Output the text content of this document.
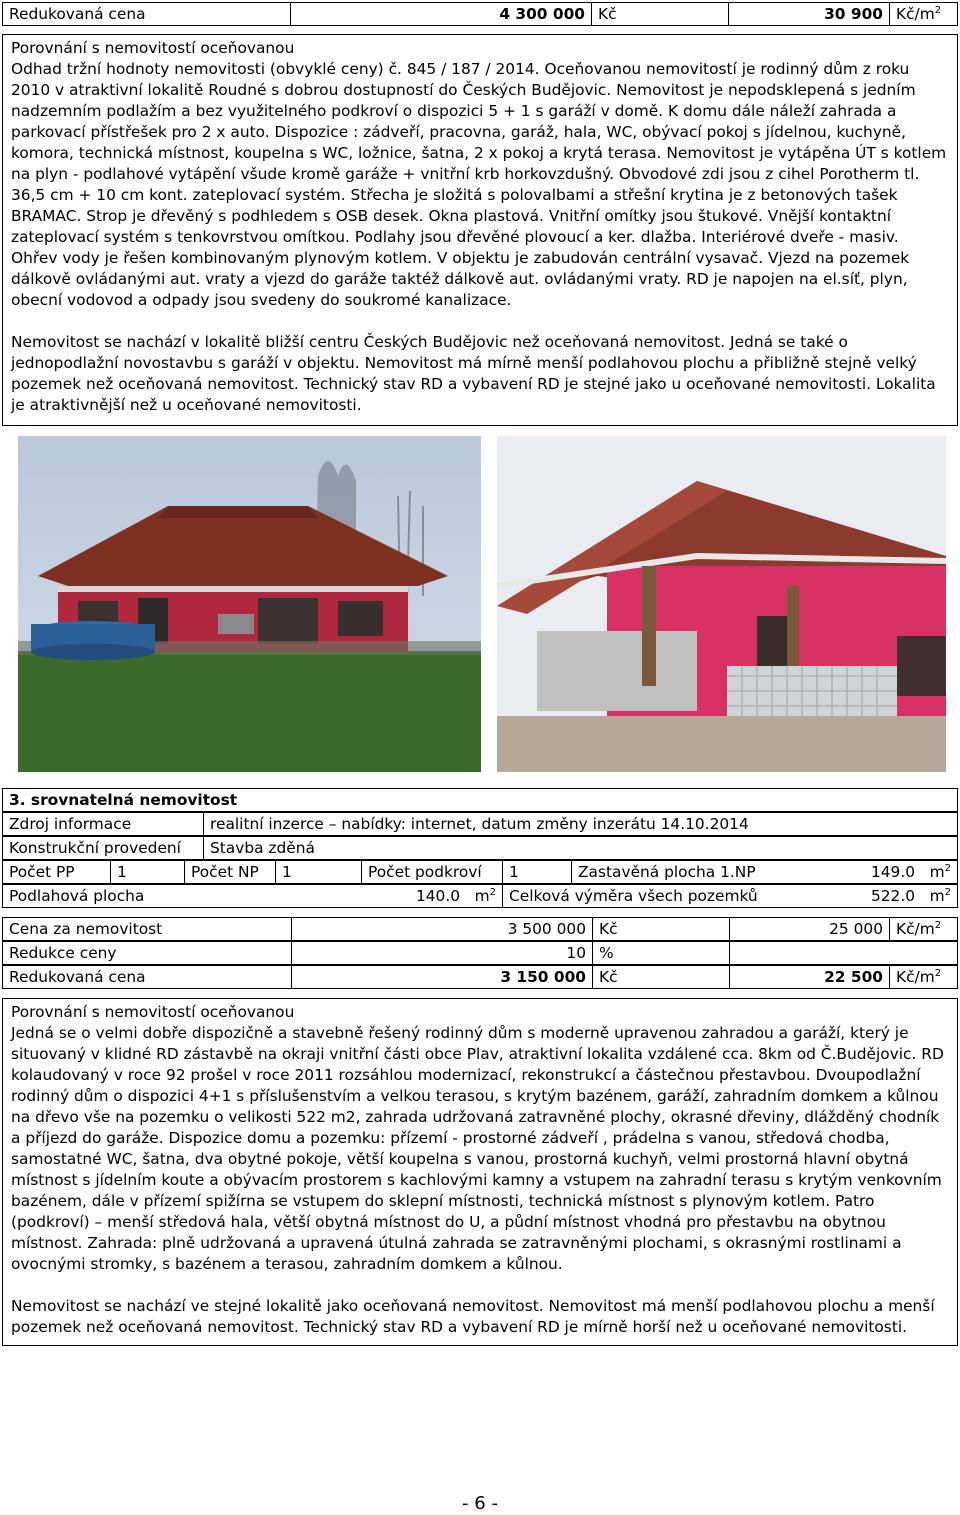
Redukovaná cena	4 300 000 Kč	30 900 $Kč/m^2$

Porovnání s nemovitostí oceňovanou

Odhad tržní hodnoty nemovitosti (obvyklé ceny) č. 845 / 187 / 2014. Oceňovanou nemovitostí je rodinný dům z roku 2010 v atraktivní lokalitě Roudné s dobrou dostupností do Českých Budějovic. Nemovitost je nepodsklepená s jedním nadzemním podlažím a bez využitelného podkroví o dispozici 5 + 1 s garáží v domě. K domu dále náleží zahrada a parkovací přístřešek pro 2 x auto. Dispozice : zádveří, pracovna, garáž, hala, WC, obývací pokoj s jídelnou, kuchyně, komora, technická místnost, koupelna s WC, ložnice, šatna, 2 x pokoj a krytá terasa. Nemovitost je vytápěna ÚT s kotlem na plyn - podlahové vytápění všude kromě garáže + vnitřní krb horkovzdušný. Obvodové zdi jsou z cihel Porotherm tl. 36,5 cm + 10 cm kont. zateplovací systém. Střecha je složitá s polovalbami a střešní krytina je z betonových tašek BRAMAC. Strop je dřevěný s podhledem s OSB desek. Okna plastová. Vnitřní omítky jsou štukové. Vnější kontaktní zateplovací systém s tenkovrstvou omítkou. Podlahy jsou dřevěné plovoucí a ker. dlažba. Interiérové dveře - masiv. Ohřev vody je řešen kombinovaným plynovým kotlem. V objektu je zabudován centrální vysavač. Vjezd na pozemek dálkově ovládanými aut. vraty a vjezd do garáže taktéž dálkově aut. ovládanými vraty. RD je napojen na el.síť, plyn, obecní vodovod a odpady jsou svedeny do soukromé kanalizace.

Nemovitost se nachází v lokalitě bližší centru Českých Budějovic než oceňovaná nemovitost. Jedná se také o jednopodlažní novostavbu s garáží v objektu. Nemovitost má mírně menší podlahovou plochu a přibližně stejně velký pozemek než oceňovaná nemovitost. Technický stav RD a vybavení RD je stejné jako u oceňované nemovitosti. Lokalita je atraktivnější než u oceňované nemovitosti.

3. srovnatelná nemovitost
Zdroj informace	realitní inzerce – nabídky: internet, datum změny inzerátu 14.10.2014
Konstrukční provedení	Stavba zděná
Počet PP	1	Počet NP	1	Počet podkroví	1	Zastavěná plocha 1.NP	149.0 $m^2$
Podlahová plocha	140.0 $m^2$ Celková výměra všech pozemků	522.0 $m^2$
Cena za nemovitost	3 500 000 Kč	25 000 $Kč/m^2$
Redukce ceny	10 %
Redukovaná cena	3 150 000 Kč	22 500 $Kč/m^2$

Porovnání s nemovitostí oceňovanou

Jedná se o velmi dobře dispozičně a stavebně řešený rodinný dům s moderně upravenou zahradou a garáží, který je situovaný v klidné RD zástavbě na okraji vnitřní části obce Plav, atraktivní lokalita vzdálené cca. 8km od Č.Budějovic. RD kolaudovaný v roce 92 prošel v roce 2011 rozsáhlou modernizací, rekonstrukcí a částečnou přestavbou. Dvoupodlažní rodinný dům o dispozici 4+1 s příslušenstvím a velkou terasou, s krytým bazénem, garáží, zahradním domkem a kůlnou na dřevo vše na pozemku o velikosti 522 m2, zahrada udržovaná zatravněné plochy, okrasné dřeviny, dlážděný chodník a příjezd do garáže. Dispozice domu a pozemku: přízemí - prostorné zádveří , prádelna s vanou, středová chodba, samostatné WC, šatna, dva obytné pokoje, větší koupelna s vanou, prostorná kuchyň, velmi prostorná hlavní obytná místnost s jídelním koute a obývacím prostorem s kachlovými kamny a vstupem na zahradní terasu s krytým venkovním bazénem, dále v přízemí spižírna se vstupem do sklepní místnosti, technická místnost s plynovým kotlem. Patro (podkroví) – menší středová hala, větší obytná místnost do U, a půdní místnost vhodná pro přestavbu na obytnou místnost. Zahrada: plně udržovaná a upravená útulná zahrada se zatravněnými plochami, s okrasnými rostlinami a ovocnými stromky, s bazénem a terasou, zahradním domkem a kůlnou.

Nemovitost se nachází ve stejné lokalitě jako oceňovaná nemovitost. Nemovitost má menší podlahovou plochu a menší pozemek než oceňovaná nemovitost. Technický stav RD a vybavení RD je mírně horší než u oceňované nemovitosti.

- 6 -
